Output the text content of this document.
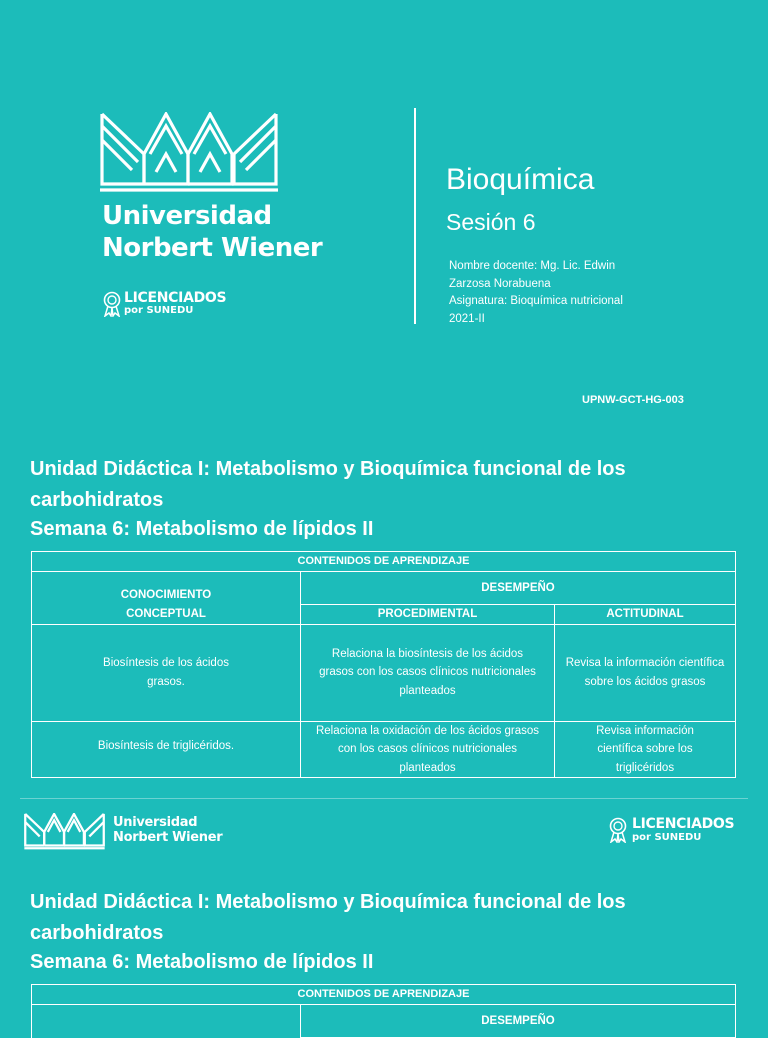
Universidad
Norbert Wiener
LICENCIADOS
por SUNEDU
Bioquímica
Sesión 6
Nombre docente: Mg. Lic. Edwin
Zarzosa Norabuena
Asignatura: Bioquímica nutricional
2021-II
UPNW-GCT-HG-003
Unidad Didáctica I: Metabolismo y Bioquímica funcional de los carbohidratos
Semana 6: Metabolismo de lípidos II
CONTENIDOS DE APRENDIZAJE		
CONOCIMIENTO	DESEMPEÑO	
CONCEPTUAL	PROCEDIMENTAL	ACTITUDINAL
Biosíntesis de los ácidos grasos.	Relaciona la biosíntesis de los ácidos grasos con los casos clínicos nutricionales planteados	Revisa la información científica sobre los ácidos grasos
Biosíntesis de triglicéridos.	Relaciona la oxidación de los ácidos grasos con los casos clínicos nutricionales planteados	Revisa información científica sobre los triglicéridos
Universidad
Norbert Wiener
LICENCIADOS
por SUNEDU
Unidad Didáctica I: Metabolismo y Bioquímica funcional de los carbohidratos
Semana 6: Metabolismo de lípidos II
CONTENIDOS DE APRENDIZAJE
	DESEMPEÑO
